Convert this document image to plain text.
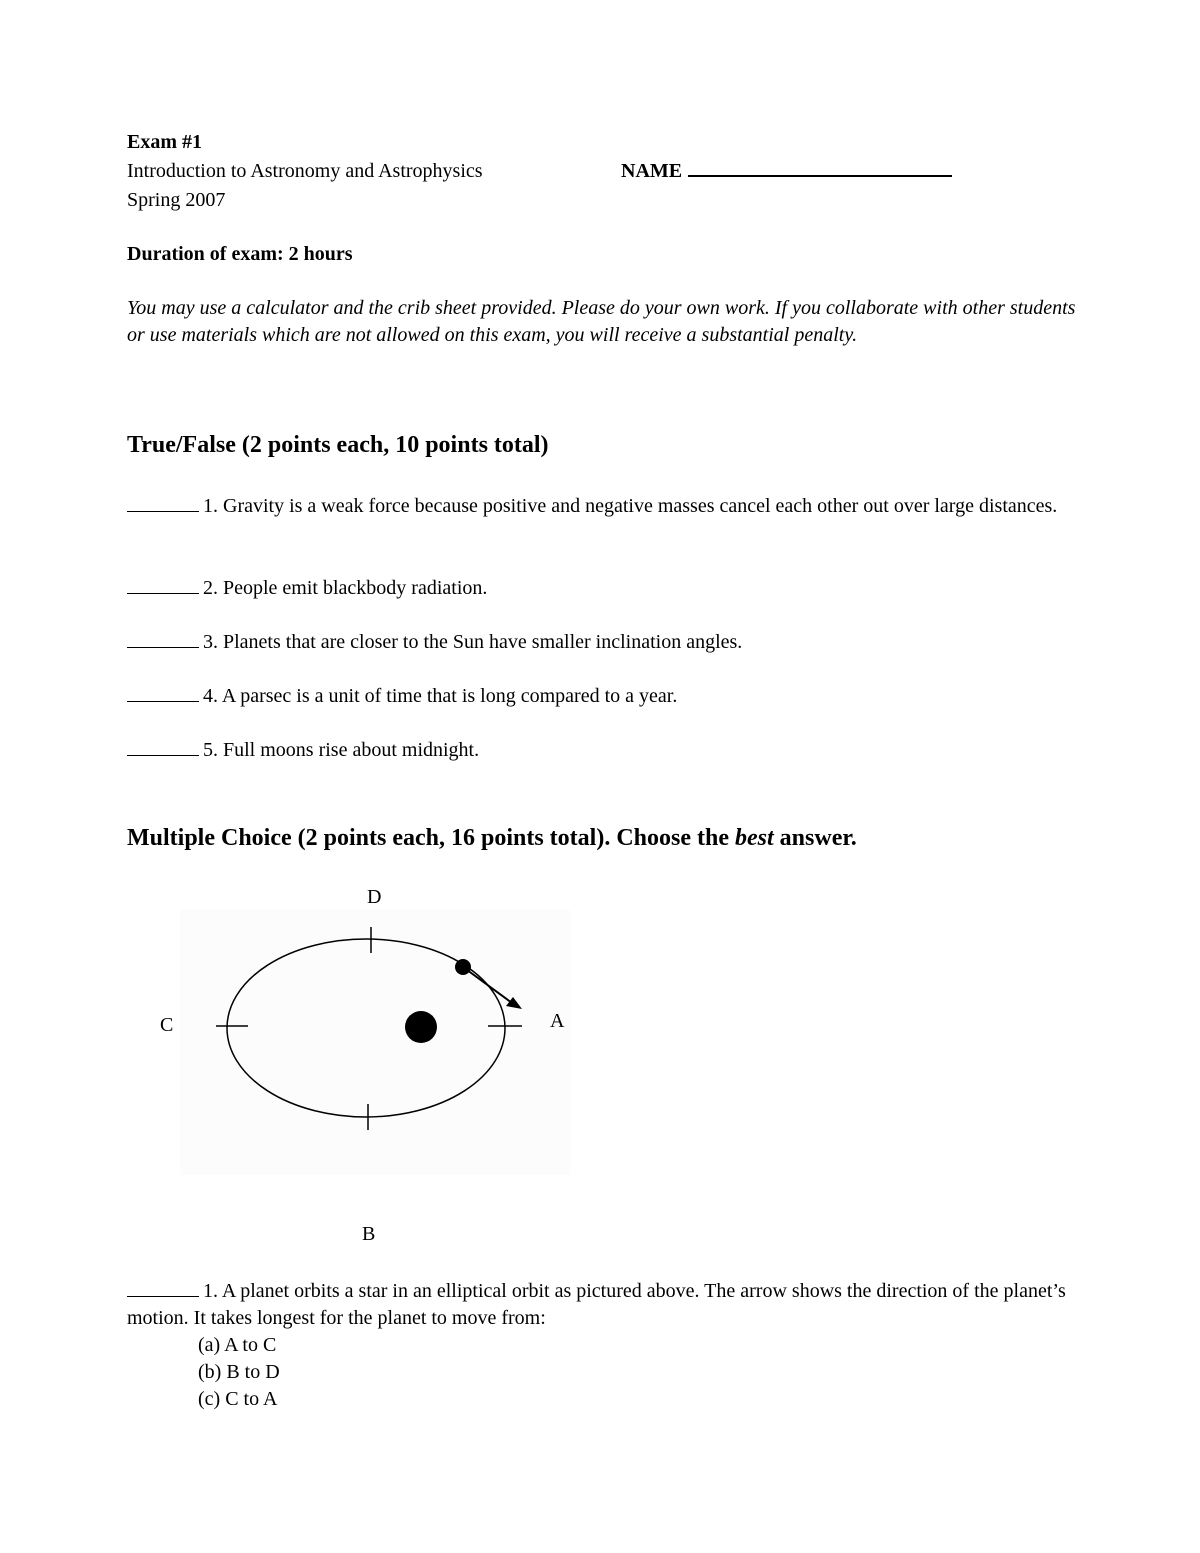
Exam #1

Introduction to Astronomy and Astrophysics

Spring 2007

NAME

Duration of exam: 2 hours

You may use a calculator and the crib sheet provided. Please do your own work. If you collaborate with other students or use materials which are not allowed on this exam, you will receive a substantial penalty.

True/False (2 points each, 10 points total)

1. Gravity is a weak force because positive and negative masses cancel each other out over large distances.
2. People emit blackbody radiation.
3. Planets that are closer to the Sun have smaller inclination angles.
4. A parsec is a unit of time that is long compared to a year.
5. Full moons rise about midnight.

Multiple Choice (2 points each, 16 points total). Choose the best answer.

D

C	A

B

1. A planet orbits a star in an elliptical orbit as pictured above. The arrow shows the direction of the planet’s motion. It takes longest for the planet to move from:

(a) A to C

(b) B to D

(c) C to A
